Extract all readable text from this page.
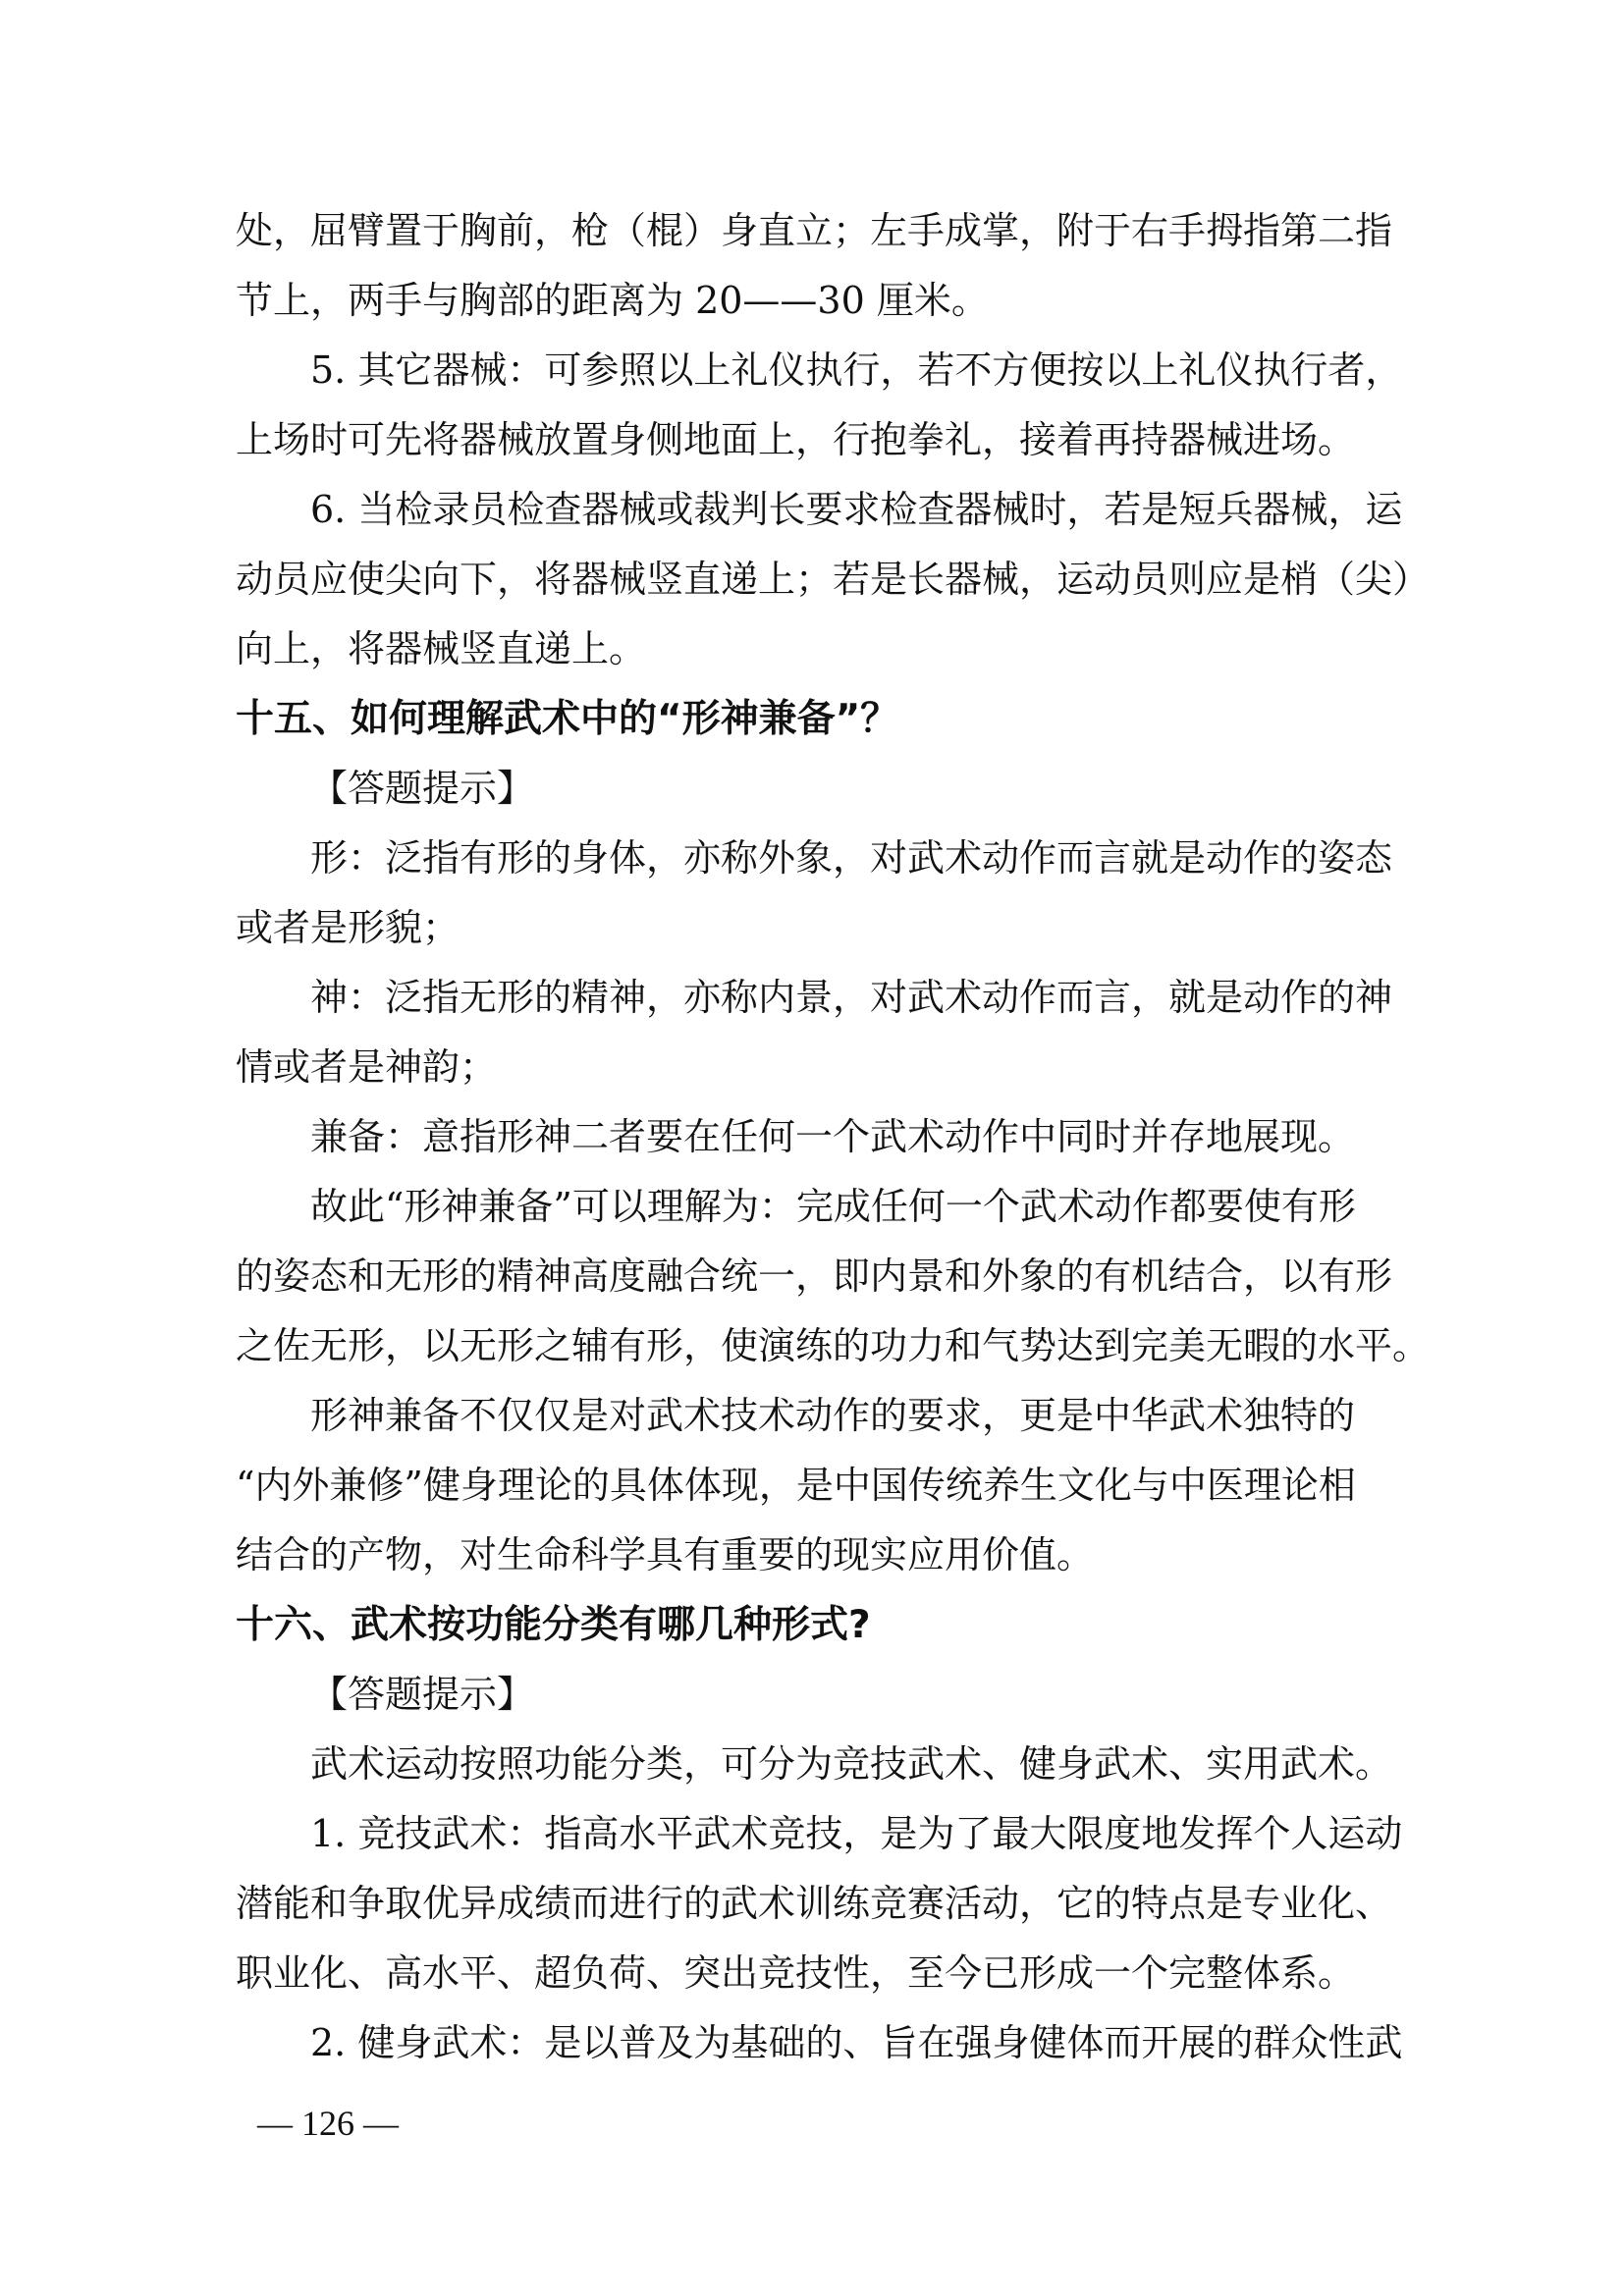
处，屈臂置于胸前，枪（棍）身直立；左手成掌，附于右手拇指第二指

节上，两手与胸部的距离为 20——30 厘米。

5. 其它器械：可参照以上礼仪执行，若不方便按以上礼仪执行者，

上场时可先将器械放置身侧地面上，行抱拳礼，接着再持器械进场。

6. 当检录员检查器械或裁判长要求检查器械时，若是短兵器械，运

动员应使尖向下，将器械竖直递上；若是长器械，运动员则应是梢（尖）

向上，将器械竖直递上。

十五、如何理解武术中的“形神兼备”？

【答题提示】

形：泛指有形的身体，亦称外象，对武术动作而言就是动作的姿态

或者是形貌；

神：泛指无形的精神，亦称内景，对武术动作而言，就是动作的神

情或者是神韵；

兼备：意指形神二者要在任何一个武术动作中同时并存地展现。

故此“形神兼备”可以理解为：完成任何一个武术动作都要使有形

的姿态和无形的精神高度融合统一，即内景和外象的有机结合，以有形

之佐无形，以无形之辅有形，使演练的功力和气势达到完美无暇的水平。

形神兼备不仅仅是对武术技术动作的要求，更是中华武术独特的

“内外兼修”健身理论的具体体现，是中国传统养生文化与中医理论相

结合的产物，对生命科学具有重要的现实应用价值。

十六、武术按功能分类有哪几种形式?

【答题提示】

武术运动按照功能分类，可分为竞技武术、健身武术、实用武术。

1. 竞技武术：指高水平武术竞技，是为了最大限度地发挥个人运动

潜能和争取优异成绩而进行的武术训练竞赛活动，它的特点是专业化、

职业化、高水平、超负荷、突出竞技性，至今已形成一个完整体系。

2. 健身武术：是以普及为基础的、旨在强身健体而开展的群众性武

— 126 —
